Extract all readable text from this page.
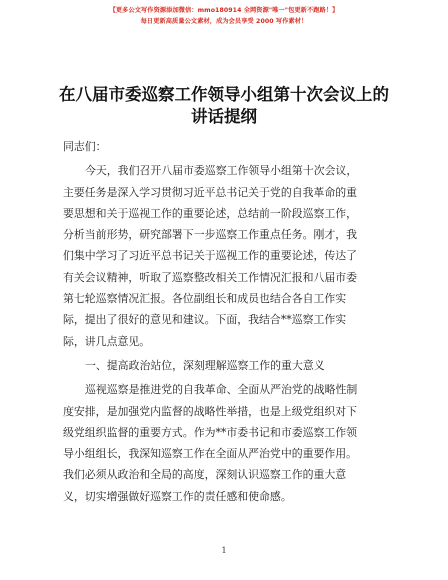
【更多公文写作资源添加微信：mmo180914 全网资源"唯一"包更新不跑路！】
每日更新高质量公文素材，成为会员享受 2000 写作素材！
在八届市委巡察工作领导小组第十次会议上的
讲话提纲
同志们：
今天，我们召开八届市委巡察工作领导小组第十次会议，
主要任务是深入学习贯彻习近平总书记关于党的自我革命的重
要思想和关于巡视工作的重要论述，总结前一阶段巡察工作，
分析当前形势，研究部署下一步巡察工作重点任务。刚才，我
们集中学习了习近平总书记关于巡视工作的重要论述，传达了
有关会议精神，听取了巡察整改相关工作情况汇报和八届市委
第七轮巡察情况汇报。各位副组长和成员也结合各自工作实
际，提出了很好的意见和建议。下面，我结合**巡察工作实
际，讲几点意见。
一、提高政治站位，深刻理解巡察工作的重大意义
巡视巡察是推进党的自我革命、全面从严治党的战略性制
度安排，是加强党内监督的战略性举措，也是上级党组织对下
级党组织监督的重要方式。作为**市委书记和市委巡察工作领
导小组组长，我深知巡察工作在全面从严治党中的重要作用。
我们必须从政治和全局的高度，深刻认识巡察工作的重大意
义，切实增强做好巡察工作的责任感和使命感。
1
